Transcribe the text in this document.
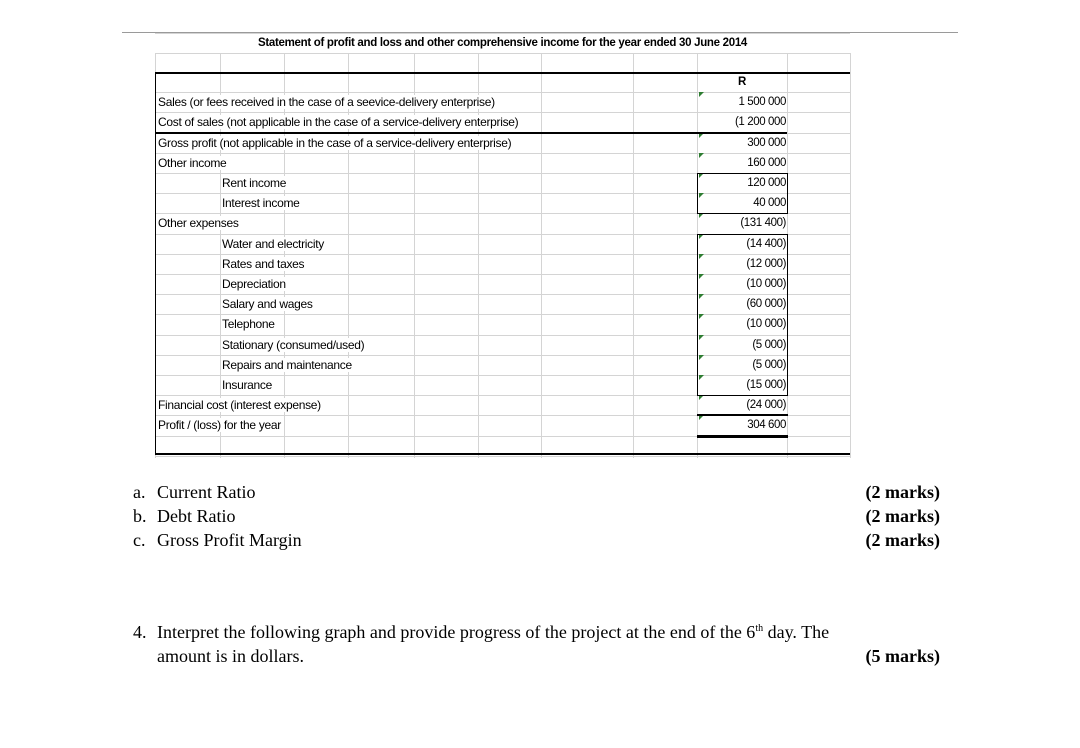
Statement of profit and loss and other comprehensive income for the year ended 30 June 2014
R
Sales (or fees received in the case of a seevice-delivery enterprise)	1 500 000
Cost of sales (not applicable in the case of a service-delivery enterprise)	(1 200 000
Gross profit (not applicable in the case of a service-delivery enterprise)	300 000
Other income	160 000
Rent income	120 000
Interest income	40 000
Other expenses	(131 400)
Water and electricity	(14 400)
Rates and taxes	(12 000)
Depreciation	(10 000)
Salary and wages	(60 000)
Telephone	(10 000)
Stationary (consumed/used)	(5 000)
Repairs and maintenance	(5 000)
Insurance	(15 000)
Financial cost (interest expense)	(24 000)
Profit / (loss) for the year	304 600
a. Current Ratio	(2 marks)
b. Debt Ratio	(2 marks)
c. Gross Profit Margin	(2 marks)
4. Interpret the following graph and provide progress of the project at the end of the 6th day. The
amount is in dollars.	(5 marks)
